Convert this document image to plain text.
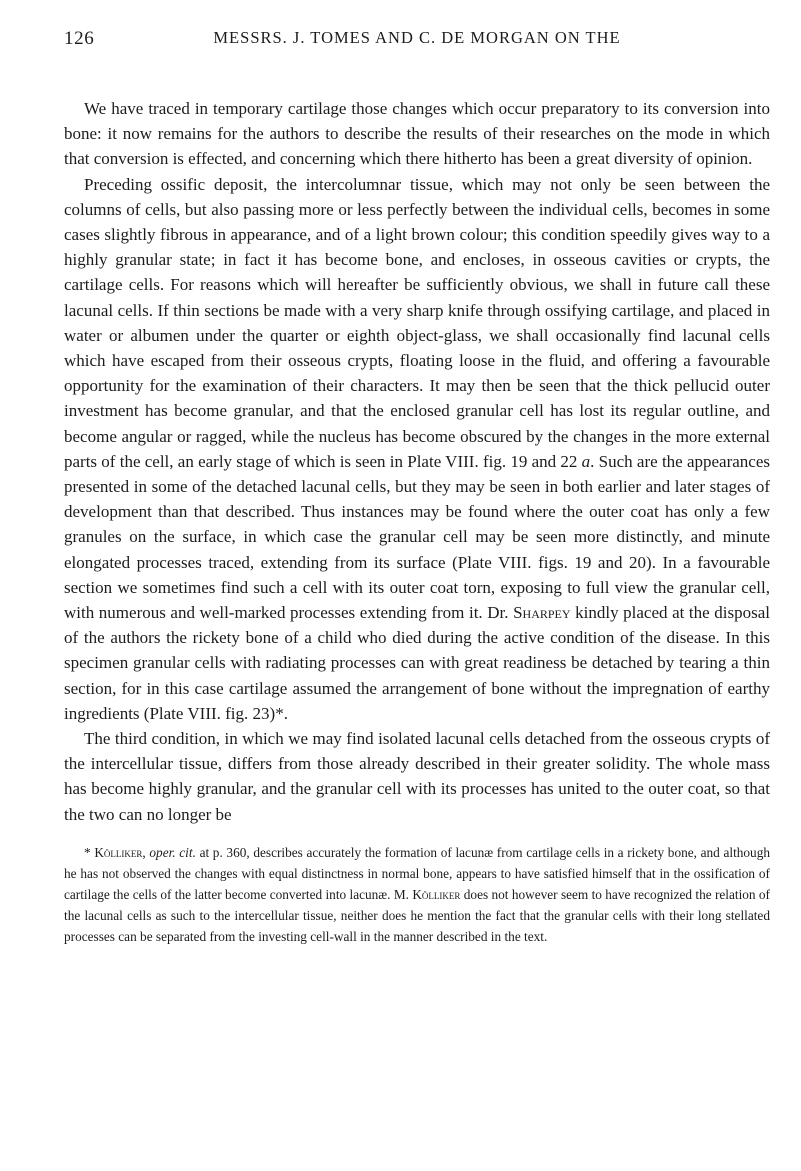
126	MESSRS. J. TOMES AND C. DE MORGAN ON THE

We have traced in temporary cartilage those changes which occur preparatory to its conversion into bone: it now remains for the authors to describe the results of their researches on the mode in which that conversion is effected, and concerning which there hitherto has been a great diversity of opinion.

Preceding ossific deposit, the intercolumnar tissue, which may not only be seen between the columns of cells, but also passing more or less perfectly between the individual cells, becomes in some cases slightly fibrous in appearance, and of a light brown colour; this condition speedily gives way to a highly granular state; in fact it has become bone, and encloses, in osseous cavities or crypts, the cartilage cells. For reasons which will hereafter be sufficiently obvious, we shall in future call these lacunal cells. If thin sections be made with a very sharp knife through ossifying cartilage, and placed in water or albumen under the quarter or eighth object-glass, we shall occasionally find lacunal cells which have escaped from their osseous crypts, floating loose in the fluid, and offering a favourable opportunity for the examination of their characters. It may then be seen that the thick pellucid outer investment has become granular, and that the enclosed granular cell has lost its regular outline, and become angular or ragged, while the nucleus has become obscured by the changes in the more external parts of the cell, an early stage of which is seen in Plate VIII. fig. 19 and 22 a. Such are the appearances presented in some of the detached lacunal cells, but they may be seen in both earlier and later stages of development than that described. Thus instances may be found where the outer coat has only a few granules on the surface, in which case the granular cell may be seen more distinctly, and minute elongated processes traced, extending from its surface (Plate VIII. figs. 19 and 20). In a favourable section we sometimes find such a cell with its outer coat torn, exposing to full view the granular cell, with numerous and well-marked processes extending from it. Dr. Sharpey kindly placed at the disposal of the authors the rickety bone of a child who died during the active condition of the disease. In this specimen granular cells with radiating processes can with great readiness be detached by tearing a thin section, for in this case cartilage assumed the arrangement of bone without the impregnation of earthy ingredients (Plate VIII. fig. 23)*.

The third condition, in which we may find isolated lacunal cells detached from the osseous crypts of the intercellular tissue, differs from those already described in their greater solidity. The whole mass has become highly granular, and the granular cell with its processes has united to the outer coat, so that the two can no longer be

* Kölliker, oper. cit. at p. 360, describes accurately the formation of lacunæ from cartilage cells in a rickety bone, and although he has not observed the changes with equal distinctness in normal bone, appears to have satisfied himself that in the ossification of cartilage the cells of the latter become converted into lacunæ. M. Kölliker does not however seem to have recognized the relation of the lacunal cells as such to the intercellular tissue, neither does he mention the fact that the granular cells with their long stellated processes can be separated from the investing cell-wall in the manner described in the text.
